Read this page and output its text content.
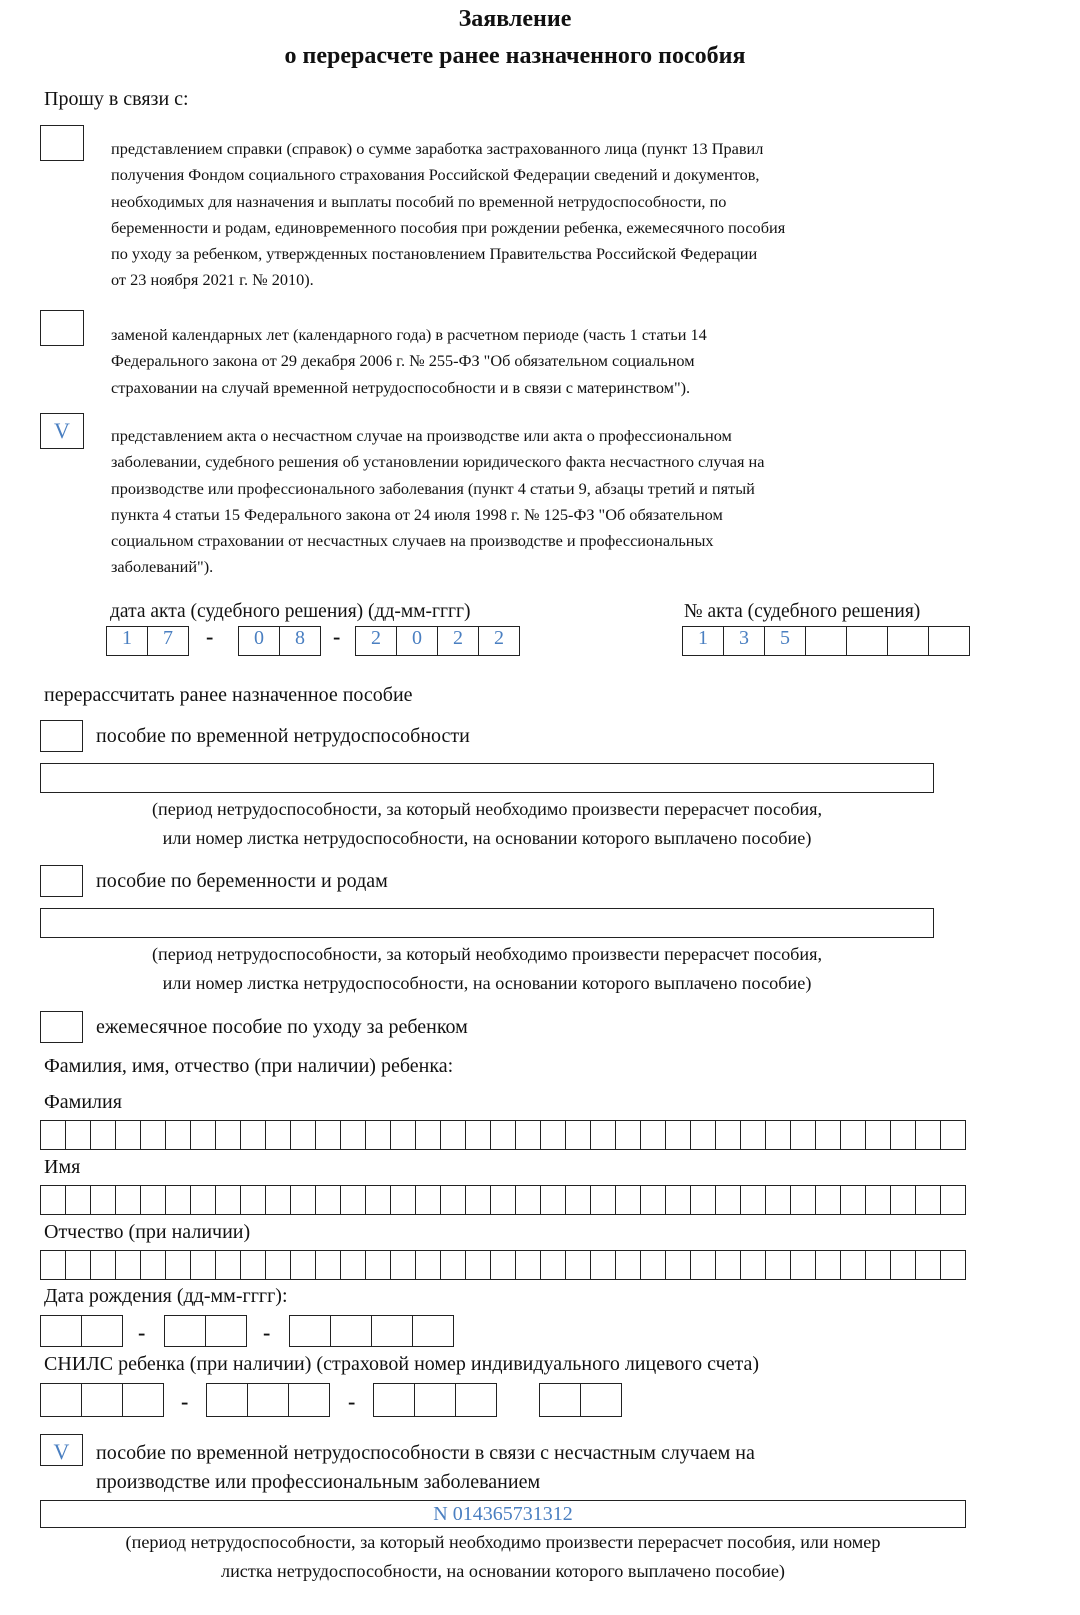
Заявление
о перерасчете ранее назначенного пособия
Прошу в связи с:
представлением справки (справок) о сумме заработка застрахованного лица (пункт 13 Правил
получения Фондом социального страхования Российской Федерации сведений и документов,
необходимых для назначения и выплаты пособий по временной нетрудоспособности, по
беременности и родам, единовременного пособия при рождении ребенка, ежемесячного пособия
по уходу за ребенком, утвержденных постановлением Правительства Российской Федерации
от 23 ноября 2021 г. № 2010).
заменой календарных лет (календарного года) в расчетном периоде (часть 1 статьи 14
Федерального закона от 29 декабря 2006 г. № 255-ФЗ "Об обязательном социальном
страховании на случай временной нетрудоспособности и в связи с материнством").
V	представлением акта о несчастном случае на производстве или акта о профессиональном
заболевании, судебного решения об установлении юридического факта несчастного случая на
производстве или профессионального заболевания (пункт 4 статьи 9, абзацы третий и пятый
пункта 4 статьи 15 Федерального закона от 24 июля 1998 г. № 125-ФЗ "Об обязательном
социальном страховании от несчастных случаев на производстве и профессиональных
заболеваний").
дата акта (судебного решения) (дд-мм-гггг)
1	7	-	0	8	-	2	0	2	2
№ акта (судебного решения)
1	3	5
перерассчитать ранее назначенное пособие
пособие по временной нетрудоспособности
(период нетрудоспособности, за который необходимо произвести перерасчет пособия,
или номер листка нетрудоспособности, на основании которого выплачено пособие)
пособие по беременности и родам
(период нетрудоспособности, за который необходимо произвести перерасчет пособия,
или номер листка нетрудоспособности, на основании которого выплачено пособие)
ежемесячное пособие по уходу за ребенком
Фамилия, имя, отчество (при наличии) ребенка:
Фамилия
Имя
Отчество (при наличии)
Дата рождения (дд-мм-гггг):
-	-
СНИЛС ребенка (при наличии) (страховой номер индивидуального лицевого счета)
-	-
V	пособие по временной нетрудоспособности в связи с несчастным случаем на
производстве или профессиональным заболеванием
N 014365731312
(период нетрудоспособности, за который необходимо произвести перерасчет пособия, или номер
листка нетрудоспособности, на основании которого выплачено пособие)
